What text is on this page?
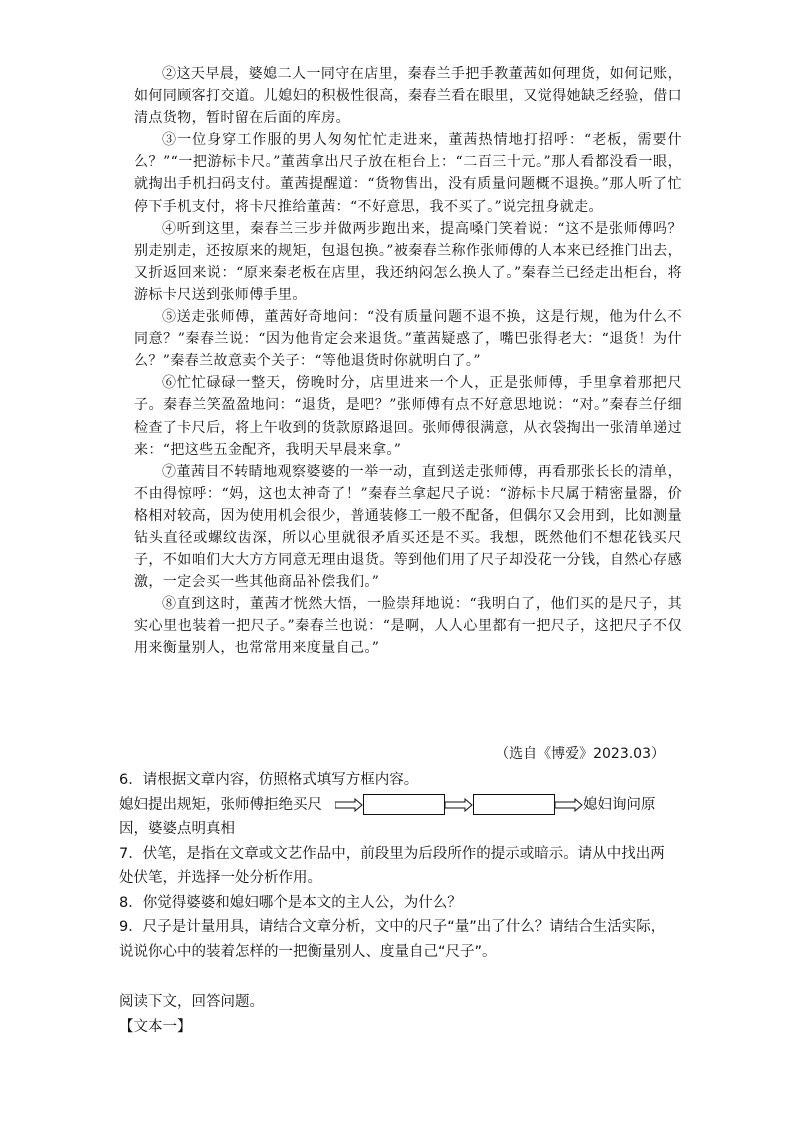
②这天早晨，婆媳二人一同守在店里，秦春兰手把手教董茜如何理货，如何记账，如何同顾客打交道。儿媳妇的积极性很高，秦春兰看在眼里，又觉得她缺乏经验，借口清点货物，暂时留在后面的库房。

③一位身穿工作服的男人匆匆忙忙走进来，董茜热情地打招呼：“老板，需要什么？”“一把游标卡尺。”董茜拿出尺子放在柜台上：“二百三十元。”那人看都没看一眼，就掏出手机扫码支付。董茜提醒道：“货物售出，没有质量问题概不退换。”那人听了忙停下手机支付，将卡尺推给董茜：“不好意思，我不买了。”说完扭身就走。

④听到这里，秦春兰三步并做两步跑出来，提高嗓门笑着说：“这不是张师傅吗？别走别走，还按原来的规矩，包退包换。”被秦春兰称作张师傅的人本来已经推门出去，又折返回来说：“原来秦老板在店里，我还纳闷怎么换人了。”秦春兰已经走出柜台，将游标卡尺送到张师傅手里。

⑤送走张师傅，董茜好奇地问：“没有质量问题不退不换，这是行规，他为什么不同意？”秦春兰说：“因为他肯定会来退货。”董茜疑惑了，嘴巴张得老大：“退货！为什么？”秦春兰故意卖个关子：“等他退货时你就明白了。”

⑥忙忙碌碌一整天，傍晚时分，店里进来一个人，正是张师傅，手里拿着那把尺子。秦春兰笑盈盈地问：“退货，是吧？”张师傅有点不好意思地说：“对。”秦春兰仔细检查了卡尺后，将上午收到的货款原路退回。张师傅很满意，从衣袋掏出一张清单递过来：“把这些五金配齐，我明天早晨来拿。”

⑦董茜目不转睛地观察婆婆的一举一动，直到送走张师傅，再看那张长长的清单，不由得惊呼：“妈，这也太神奇了！”秦春兰拿起尺子说：“游标卡尺属于精密量器，价格相对较高，因为使用机会很少，普通装修工一般不配备，但偶尔又会用到，比如测量钻头直径或螺纹齿深，所以心里就很矛盾买还是不买。我想，既然他们不想花钱买尺子，不如咱们大大方方同意无理由退货。等到他们用了尺子却没花一分钱，自然心存感激，一定会买一些其他商品补偿我们。”

⑧直到这时，董茜才恍然大悟，一脸崇拜地说：“我明白了，他们买的是尺子，其实心里也装着一把尺子。”秦春兰也说：“是啊，人人心里都有一把尺子，这把尺子不仅用来衡量别人，也常常用来度量自己。”

（选自《博爱》2023.03）

6．请根据文章内容，仿照格式填写方框内容。

媳妇提出规矩，张师傅拒绝买尺	媳妇询问原
因，婆婆点明真相

7．伏笔，是指在文章或文艺作品中，前段里为后段所作的提示或暗示。请从中找出两处伏笔，并选择一处分析作用。

8．你觉得婆婆和媳妇哪个是本文的主人公，为什么？

9．尺子是计量用具，请结合文章分析，文中的尺子“量”出了什么？请结合生活实际，说说你心中的装着怎样的一把衡量别人、度量自己“尺子”。

阅读下文，回答问题。

【文本一】
